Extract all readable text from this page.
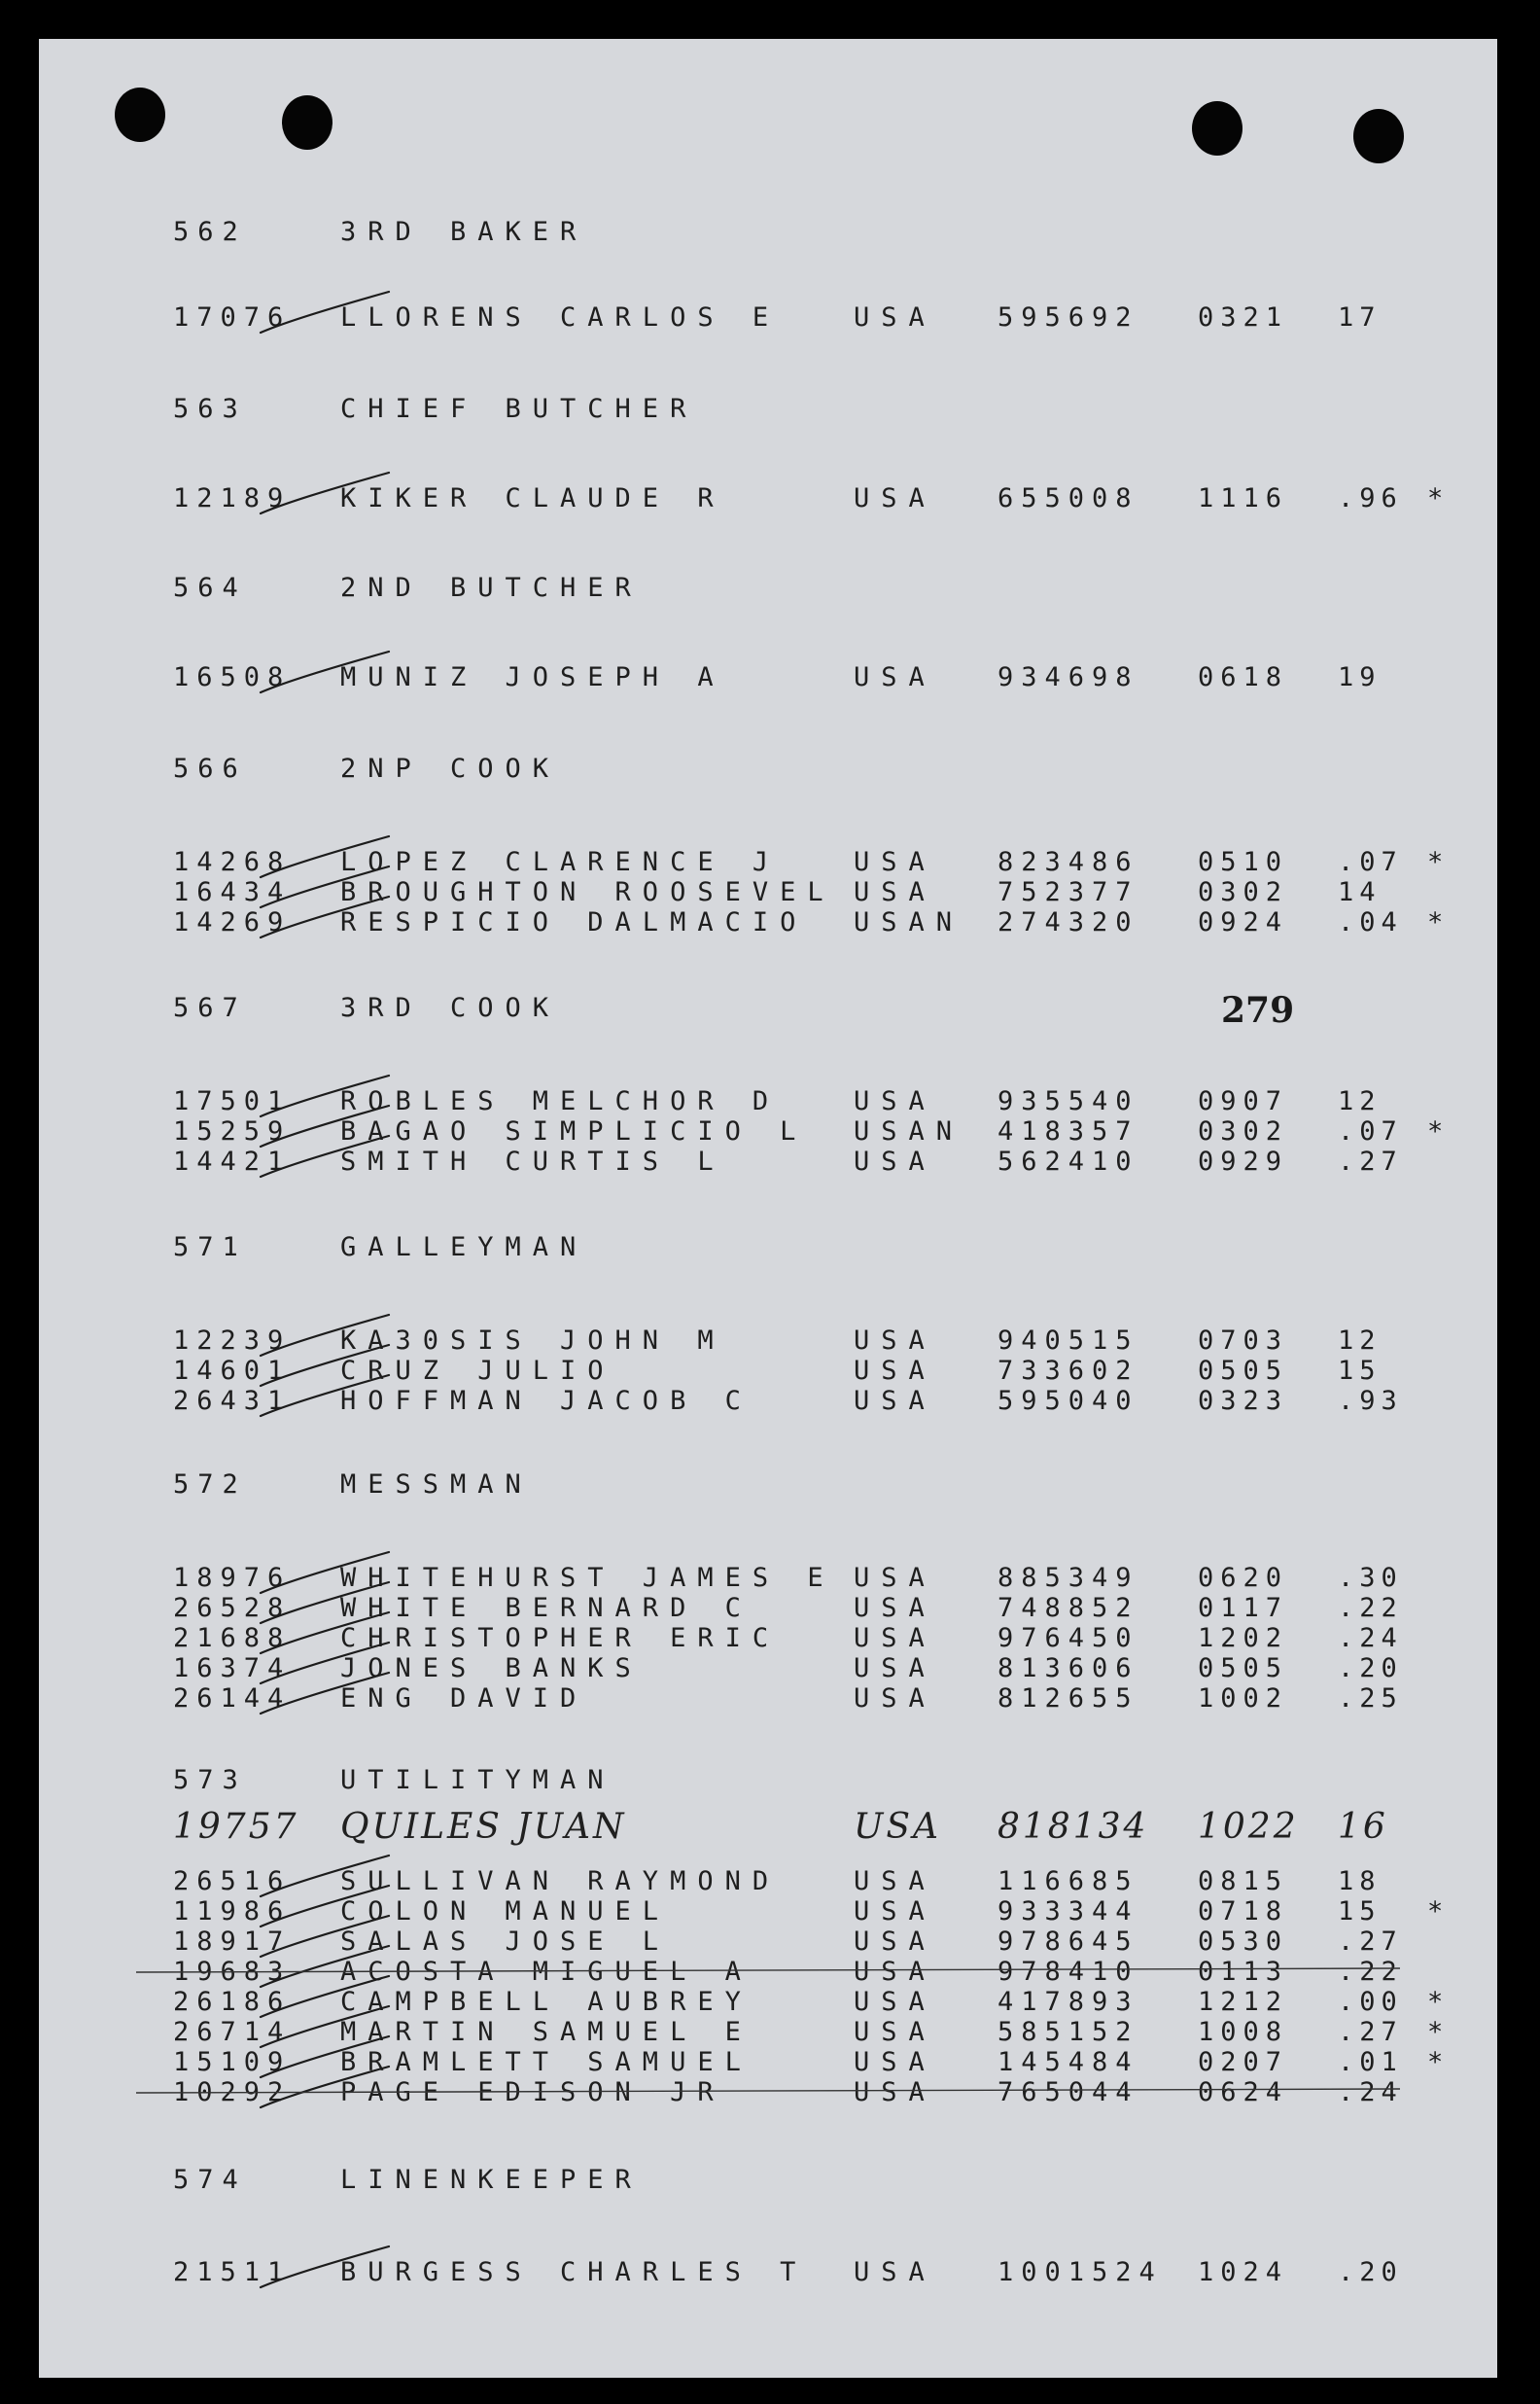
279
562	3RD BAKER
17076 LLORENS CARLOS E	USA 595692 0321 17
563	CHIEF BUTCHER
12189 KIKER CLAUDE R	USA 655008 1116 .96 *
564	2ND BUTCHER
16508 MUNIZ JOSEPH A	USA 934698 0618 19
566	2NP COOK
14268 LOPEZ CLARENCE J	USA 823486 0510 .07 *
16434 BROUGHTON ROOSEVEL USA 752377 0302 14
14269 RESPICIO DALMACIO USAN 274320 0924 .04 *
567	3RD COOK
17501 ROBLES MELCHOR D	USA 935540 0907 12
15259 BAGAO SIMPLICIO L USAN 418357 0302 .07 *
14421 SMITH CURTIS L	USA 562410 0929 .27
571	GALLEYMAN
12239 KA30SIS JOHN M	USA 940515 0703 12
14601 CRUZ JULIO	USA 733602 0505 15
26431 HOFFMAN JACOB C	USA 595040 0323 .93
572	MESSMAN
18976 WHITEHURST JAMES E USA 885349 0620 .30
26528 WHITE BERNARD C	USA 748852 0117 .22
21688 CHRISTOPHER ERIC	USA 976450 1202 .24
16374 JONES BANKS	USA 813606 0505 .20
26144 ENG DAVID	USA 812655 1002 .25
573	UTILITYMAN
19757 QUILES JUAN	USA 818134 1022 16
26516 SULLIVAN RAYMOND	USA 116685 0815 18
11986 COLON MANUEL	USA 933344 0718 15 *
18917 SALAS JOSE L	USA 978645 0530 .27
19683 ACOSTA MIGUEL A	USA 978410 0113 .22
26186 CAMPBELL AUBREY	USA 417893 1212 .00 *
26714 MARTIN SAMUEL E	USA 585152 1008 .27 *
15109 BRAMLETT SAMUEL	USA 145484 0207 .01 *
10292 PAGE EDISON JR	USA 765044 0624 .24
574	LINENKEEPER
21511 BURGESS CHARLES T USA 1001524 1024 .20
